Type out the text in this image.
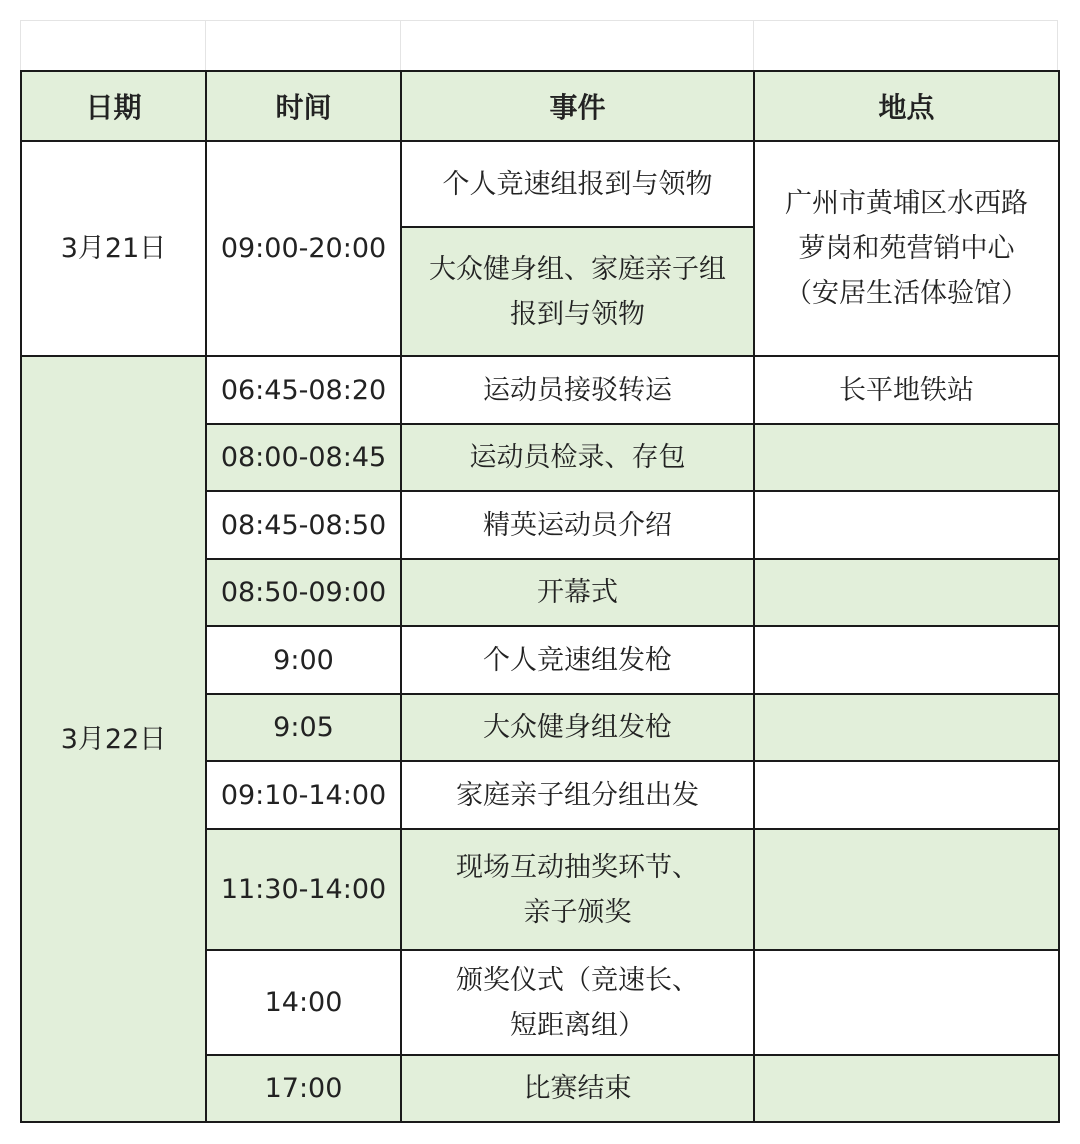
日期	时间	事件	地点
3月21日	09:00-20:00	个人竞速组报到与领物	广州市黄埔区水西路
萝岗和苑营销中心
（安居生活体验馆）
		大众健身组、家庭亲子组
报到与领物	
3月22日	06:45-08:20	运动员接驳转运	长平地铁站
	08:00-08:45	运动员检录、存包	
	08:45-08:50	精英运动员介绍	
	08:50-09:00	开幕式	
	9:00	个人竞速组发枪	
	9:05	大众健身组发枪	
	09:10-14:00	家庭亲子组分组出发	
	11:30-14:00	现场互动抽奖环节、
亲子颁奖	
	14:00	颁奖仪式（竞速长、
短距离组）	
	17:00	比赛结束	
